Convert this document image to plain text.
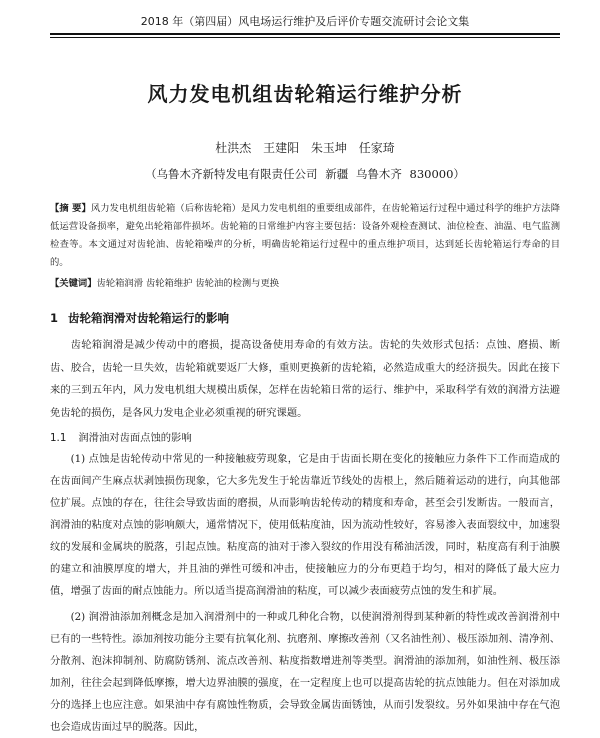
2018 年（第四届）风电场运行维护及后评价专题交流研讨会论文集
风力发电机组齿轮箱运行维护分析
杜洪杰 王建阳 朱玉坤 任家琦
（乌鲁木齐新特发电有限责任公司 新疆 乌鲁木齐 830000）
【摘 要】风力发电机组齿轮箱（后称齿轮箱）是风力发电机组的重要组成部件，在齿轮箱运行过程中通过科学的维护方法降低运营设备损率，避免出轮箱部件损坏。齿轮箱的日常维护内容主要包括：设备外观检查测试、油位检查、油温、电气监测检查等。本文通过对齿轮油、齿轮箱噪声的分析，明确齿轮箱运行过程中的重点维护项目，达到延长齿轮箱运行寿命的目的。
【关键词】齿轮箱润滑 齿轮箱维护 齿轮油的检测与更换
1 齿轮箱润滑对齿轮箱运行的影响

齿轮箱润滑是减少传动中的磨损，提高设备使用寿命的有效方法。齿轮的失效形式包括：点蚀、磨损、断齿、胶合，齿轮一旦失效，齿轮箱就要返厂大修，重则更换新的齿轮箱，必然造成重大的经济损失。因此在接下来的三到五年内，风力发电机组大规模出质保，怎样在齿轮箱日常的运行、维护中，采取科学有效的润滑方法避免齿轮的损伤，是各风力发电企业必须重视的研究课题。

1.1 润滑油对齿面点蚀的影响

(1) 点蚀是齿轮传动中常见的一种接触疲劳现象，它是由于齿面长期在变化的接触应力条件下工作而造成的在齿面间产生麻点状剥蚀损伤现象，它大多先发生于轮齿靠近节线处的齿根上，然后随着运动的进行，向其他部位扩展。点蚀的存在，往往会导致齿面的磨损，从而影响齿轮传动的精度和寿命，甚至会引发断齿。一般而言，润滑油的粘度对点蚀的影响颇大，通常情况下，使用低粘度油，因为流动性较好，容易渗入表面裂纹中，加速裂纹的发展和金属块的脱落，引起点蚀。粘度高的油对于渗入裂纹的作用没有稀油活泼，同时，粘度高有利于油膜的建立和油膜厚度的增大，并且油的弹性可缓和冲击，使接触应力的分布更趋于均匀，相对的降低了最大应力值，增强了齿面的耐点蚀能力。所以适当提高润滑油的粘度，可以减少表面疲劳点蚀的发生和扩展。

(2) 润滑油添加剂概念是加入润滑剂中的一种或几种化合物，以使润滑剂得到某种新的特性或改善润滑剂中已有的一些特性。添加剂按功能分主要有抗氧化剂、抗磨剂、摩擦改善剂（又名油性剂）、极压添加剂、清净剂、分散剂、泡沫抑制剂、防腐防锈剂、流点改善剂、粘度指数增进剂等类型。润滑油的添加剂，如油性剂、极压添加剂，往往会起到降低摩擦，增大边界油膜的强度，在一定程度上也可以提高齿轮的抗点蚀能力。但在对添加成分的选择上也应注意。如果油中存有腐蚀性物质，会导致金属齿面锈蚀，从而引发裂纹。另外如果油中存在气泡也会造成齿面过早的脱落。因此，
